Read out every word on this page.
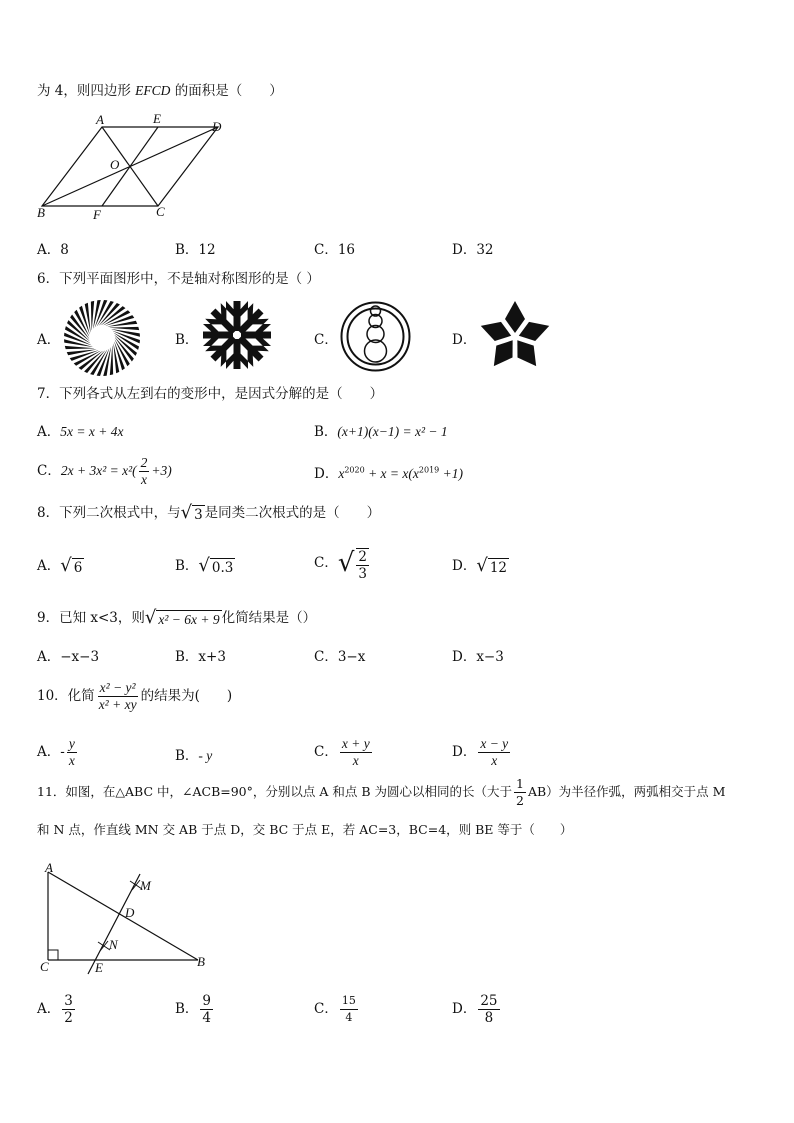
为 4，则四边形 EFCD 的面积是（　　）
A	E
D
O
B	F	C
A．8	B．12	C．16	D．32
6．下列平面图形中，不是轴对称图形的是（ ）
A．	B．	C．	D．
7．下列各式从左到右的变形中，是因式分解的是（　　）
A．5x = x + 4x	B．(x+1)(x−1) = x² − 1
C．$2x + 3x^2 = x^2( \frac{2}{x} +3)$	D．$x^{2020} + x = x(x^{2019} +1)$
8．下列二次根式中，与 √ 3 是同类二次根式的是（　　）
A． √ 6	B． √ 0.3	C． √ $\frac{2}{3}$	D． √ 12
9．已知 x<3，则 √ x² − 6x + 9 化简结果是（）
A．−x−3	B．x+3	C．3−x	D．x−3
10．化简 $\frac{\text{x² − y²}}{\text{x² + xy}}$ 的结果为(　　)
A．- $\frac{y}{x}$	B．- y	C． $\frac{x + y}{x}$	D． $\frac{x - y}{x}$
11．如图，在△ABC 中，∠ACB=90°，分别以点 A 和点 B 为圆心以相同的长（大于 $\frac{1}{2} AB$）为半径作弧，两弧相交于点 M
和 N 点，作直线 MN 交 AB 于点 D，交 BC 于点 E，若 AC=3，BC=4，则 BE 等于（　　）
A
M
D
N
C	E	B
A． $\frac{3}{2}$	B． $\frac{9}{4}$	C． $\frac{15}{4}$	D． $\frac{25}{8}$
